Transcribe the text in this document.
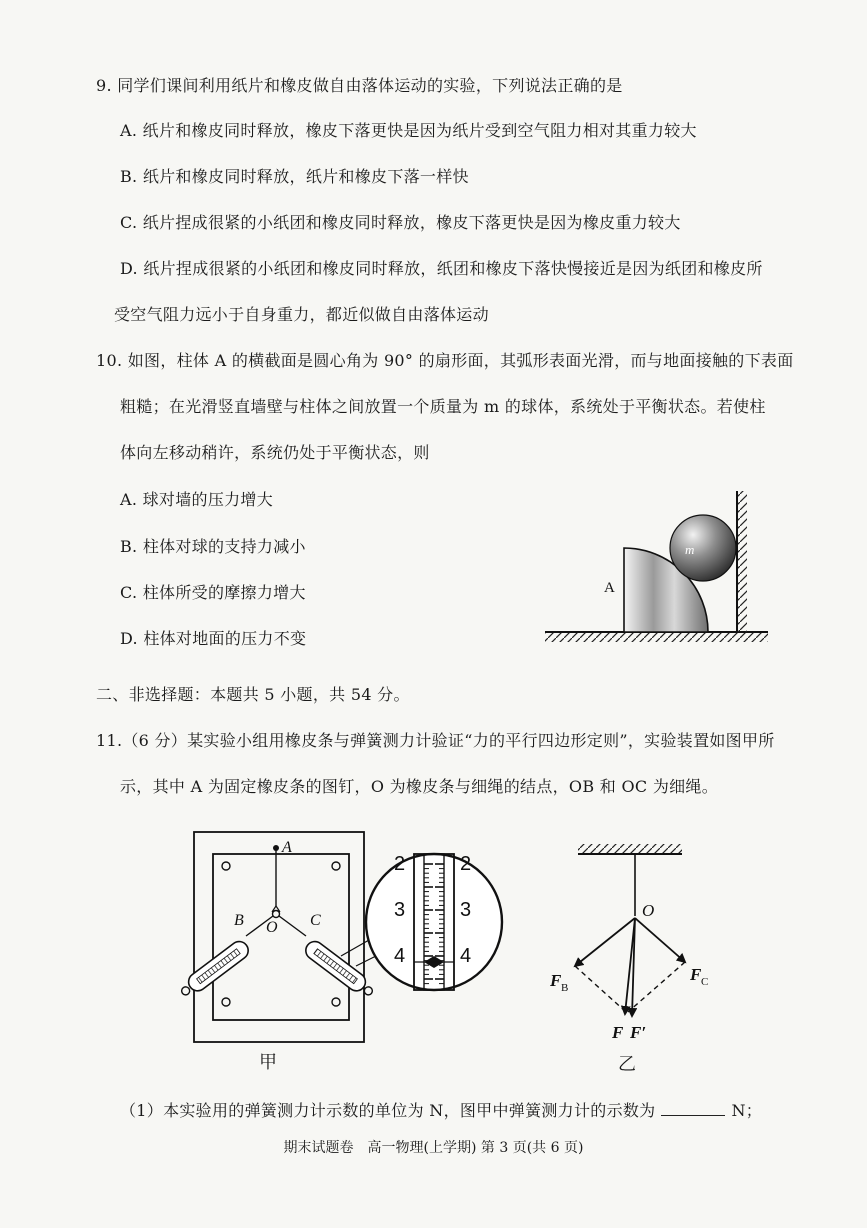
9. 同学们课间利用纸片和橡皮做自由落体运动的实验，下列说法正确的是
A. 纸片和橡皮同时释放，橡皮下落更快是因为纸片受到空气阻力相对其重力较大
B. 纸片和橡皮同时释放，纸片和橡皮下落一样快
C. 纸片捏成很紧的小纸团和橡皮同时释放，橡皮下落更快是因为橡皮重力较大
D. 纸片捏成很紧的小纸团和橡皮同时释放，纸团和橡皮下落快慢接近是因为纸团和橡皮所
受空气阻力远小于自身重力，都近似做自由落体运动
10. 如图，柱体 A 的横截面是圆心角为 90° 的扇形面，其弧形表面光滑，而与地面接触的下表面
粗糙；在光滑竖直墙壁与柱体之间放置一个质量为 m 的球体，系统处于平衡状态。若使柱
体向左移动稍许，系统仍处于平衡状态，则
A. 球对墙的压力增大
B. 柱体对球的支持力减小
C. 柱体所受的摩擦力增大
D. 柱体对地面的压力不变
A
m
二、非选择题：本题共 5 小题，共 54 分。
11.（6 分）某实验小组用橡皮条与弹簧测力计验证“力的平行四边形定则”，实验装置如图甲所
示，其中 A 为固定橡皮条的图钉，O 为橡皮条与细绳的结点，OB 和 OC 为细绳。
A
B	C
O
2
3
4
2
3
4
甲
O
F B
F C
F F′
乙
（1）本实验用的弹簧测力计示数的单位为 N，图甲中弹簧测力计的示数为	N；
期末试题卷　高一物理(上学期) 第 3 页(共 6 页)
